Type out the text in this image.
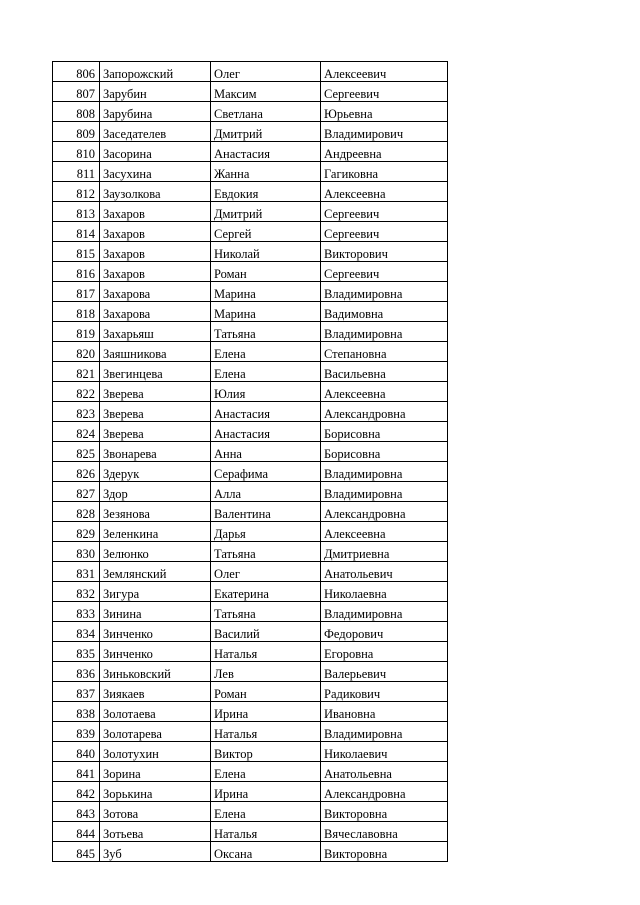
806	Запорожский	Олег	Алексеевич
807	Зарубин	Максим	Сергеевич
808	Зарубина	Светлана	Юрьевна
809	Заседателев	Дмитрий	Владимирович
810	Засорина	Анастасия	Андреевна
811	Засухина	Жанна	Гагиковна
812	Заузолкова	Евдокия	Алексеевна
813	Захаров	Дмитрий	Сергеевич
814	Захаров	Сергей	Сергеевич
815	Захаров	Николай	Викторович
816	Захаров	Роман	Сергеевич
817	Захарова	Марина	Владимировна
818	Захарова	Марина	Вадимовна
819	Захарьяш	Татьяна	Владимировна
820	Заяшникова	Елена	Степановна
821	Звегинцева	Елена	Васильевна
822	Зверева	Юлия	Алексеевна
823	Зверева	Анастасия	Александровна
824	Зверева	Анастасия	Борисовна
825	Звонарева	Анна	Борисовна
826	Здерук	Серафима	Владимировна
827	Здор	Алла	Владимировна
828	Зезянова	Валентина	Александровна
829	Зеленкина	Дарья	Алексеевна
830	Зелюнко	Татьяна	Дмитриевна
831	Землянский	Олег	Анатольевич
832	Зигура	Екатерина	Николаевна
833	Зинина	Татьяна	Владимировна
834	Зинченко	Василий	Федорович
835	Зинченко	Наталья	Егоровна
836	Зиньковский	Лев	Валерьевич
837	Зиякаев	Роман	Радикович
838	Золотаева	Ирина	Ивановна
839	Золотарева	Наталья	Владимировна
840	Золотухин	Виктор	Николаевич
841	Зорина	Елена	Анатольевна
842	Зорькина	Ирина	Александровна
843	Зотова	Елена	Викторовна
844	Зотьева	Наталья	Вячеславовна
845	Зуб	Оксана	Викторовна
